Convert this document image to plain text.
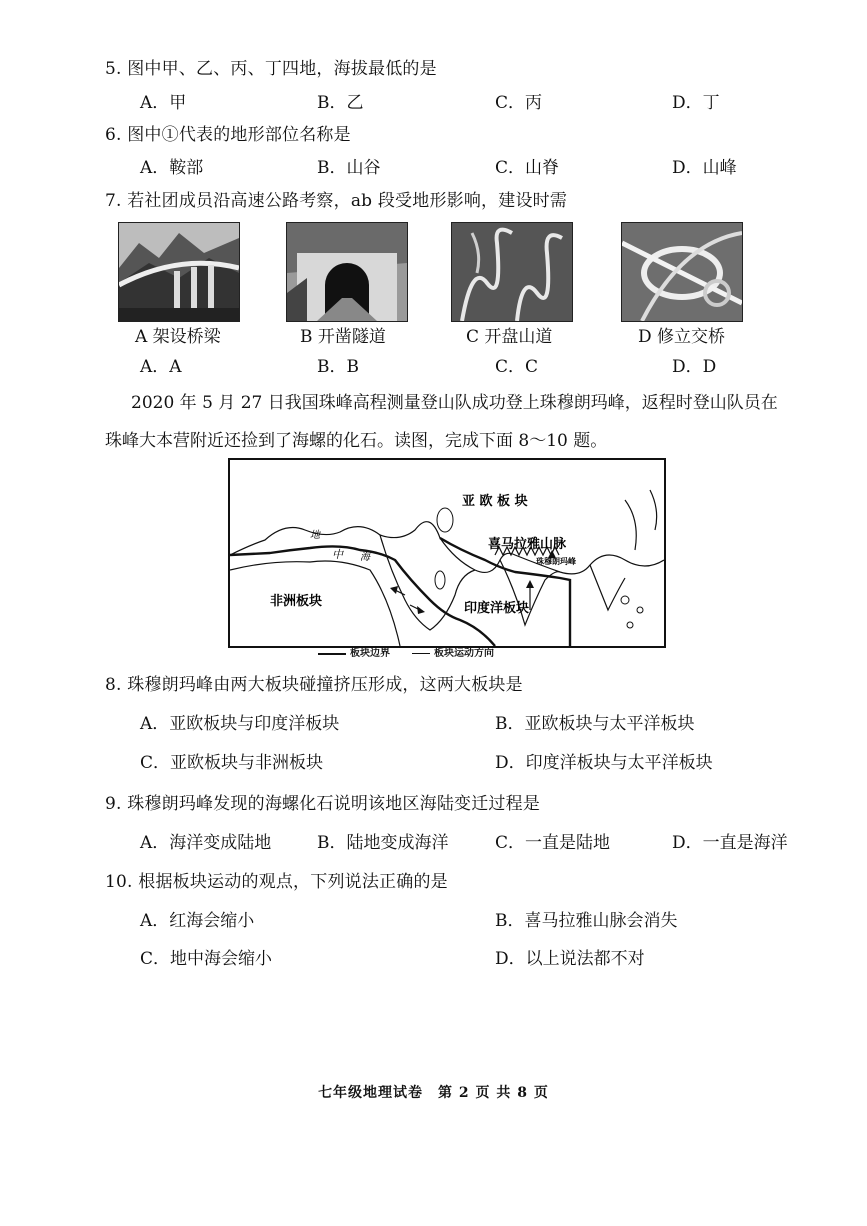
5. 图中甲、乙、丙、丁四地，海拔最低的是
A．甲	B．乙	C．丙	D．丁
6. 图中①代表的地形部位名称是
A．鞍部	B．山谷	C．山脊	D．山峰
7. 若社团成员沿高速公路考察，ab 段受地形影响，建设时需
A 架设桥梁	B 开凿隧道	C 开盘山道	D 修立交桥
A．A	B．B	C．C	D．D
2020 年 5 月 27 日我国珠峰高程测量登山队成功登上珠穆朗玛峰，返程时登山队员在
珠峰大本营附近还捡到了海螺的化石。读图，完成下面 8～10 题。
亚 欧 板 块
喜马拉雅山脉
珠穆朗玛峰
非洲板块	印度洋板块
地
中 海
板块边界	板块运动方向
8. 珠穆朗玛峰由两大板块碰撞挤压形成，这两大板块是
A．亚欧板块与印度洋板块	B．亚欧板块与太平洋板块
C．亚欧板块与非洲板块	D．印度洋板块与太平洋板块
9. 珠穆朗玛峰发现的海螺化石说明该地区海陆变迁过程是
A．海洋变成陆地	B．陆地变成海洋	C．一直是陆地	D．一直是海洋
10. 根据板块运动的观点，下列说法正确的是
A．红海会缩小	B．喜马拉雅山脉会消失
C．地中海会缩小	D．以上说法都不对
七年级地理试卷　第 2 页 共 8 页
